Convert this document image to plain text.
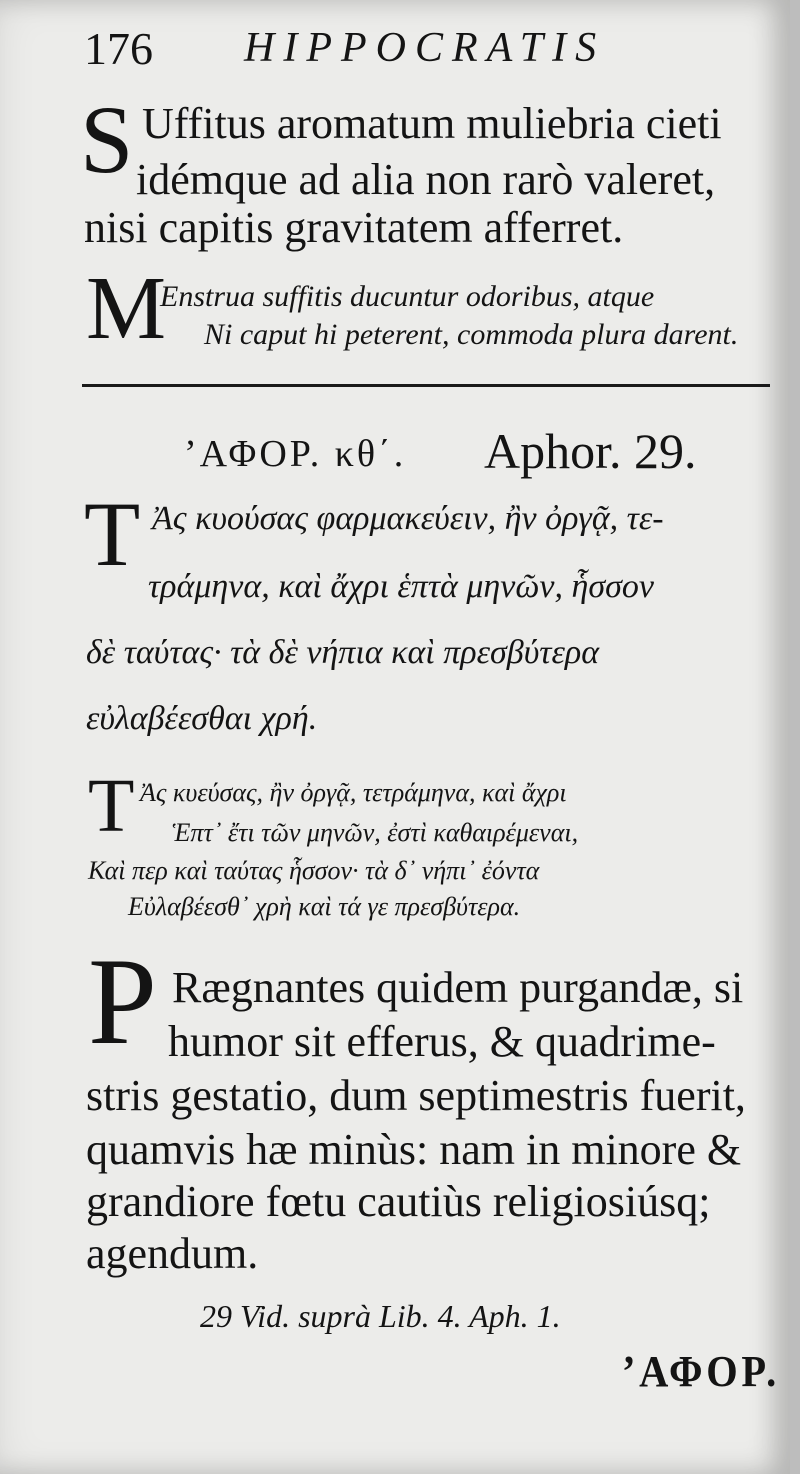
176 HIPPOCRATIS
S Uffitus aromatum muliebria cieti
idémque ad alia non rarò valeret,
nisi capitis gravitatem afferret.
M
Enstrua suffitis ducuntur odoribus, atque
Ni caput hi peterent, commoda plura darent.
ʼΑΦΟΡ. κθ΄. Aphor. 29.
T Ἀς κυούσας φαρμακεύειν, ἢν ὀργᾷ, τε-
τράμηνα, καὶ ἄχρι ἑπτὰ μηνῶν, ἧσσον
δὲ ταύτας· τὰ δὲ νήπια καὶ πρεσβύτερα
εὐλαβέεσθαι χρή.
T Ἀς κυεύσας, ἢν ὀργᾷ, τετράμηνα, καὶ ἄχρι
Ἑπτ᾽ ἔτι τῶν μηνῶν, ἐστὶ καθαιρέμεναι,
Καὶ περ καὶ ταύτας ἧσσον· τὰ δ᾽ νήπι᾽ ἐόντα
Εὐλαβέεσθ᾽ χρὴ καὶ τά γε πρεσβύτερα.
P Rægnantes quidem purgandæ, si
humor sit efferus, & quadrime-
stris gestatio, dum septimestris fuerit,
quamvis hæ minùs: nam in minore &
grandiore fœtu cautiùs religiosiúsq;
agendum.
29 Vid. suprà Lib. 4. Aph. 1.
ʼΑΦΟΡ.
